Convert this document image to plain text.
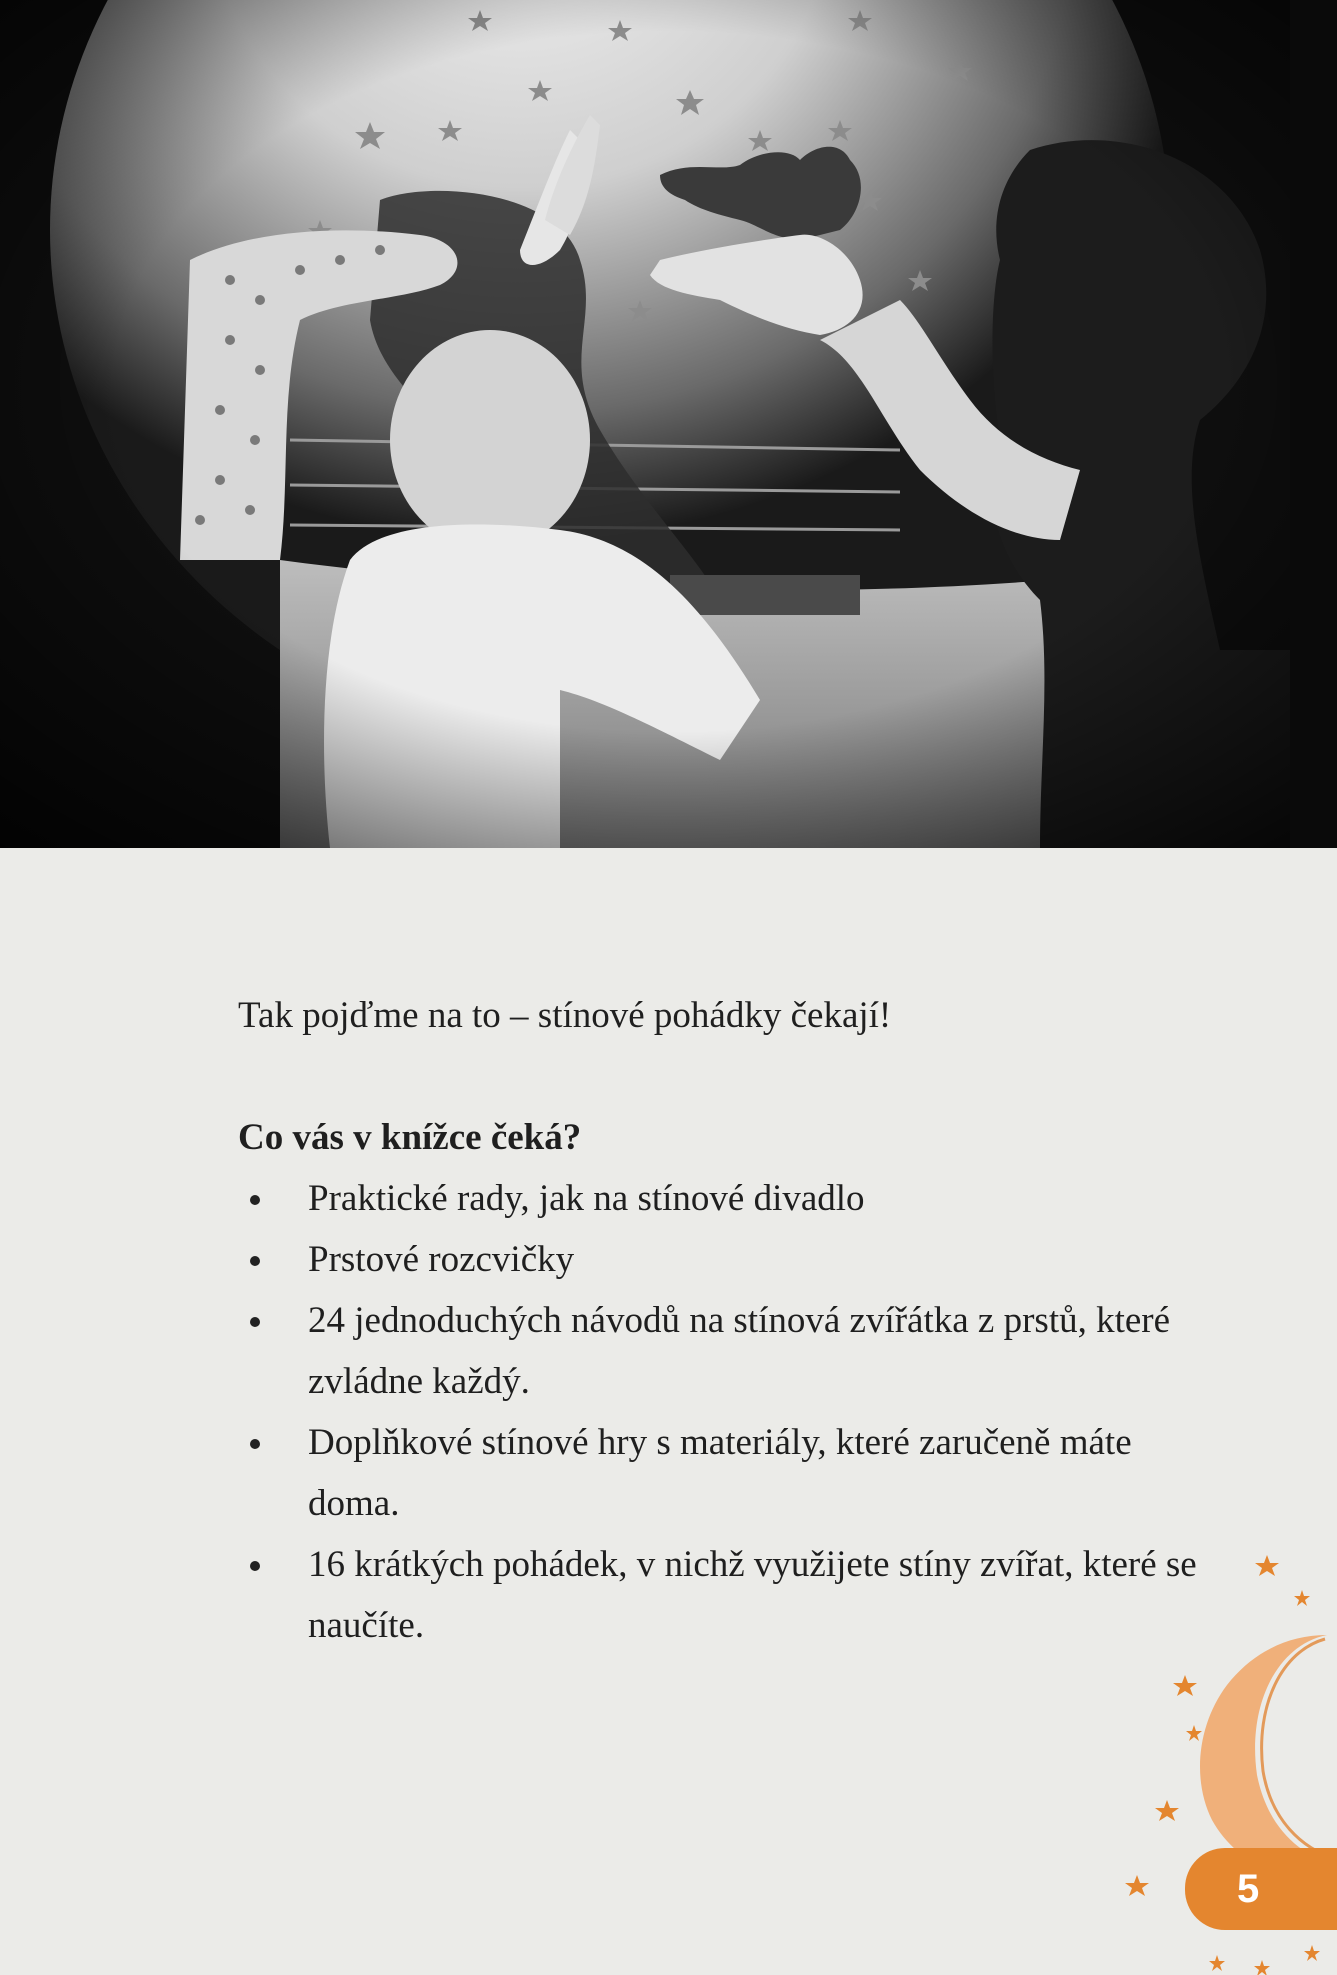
Tak pojďme na to – stínové pohádky čekají!

Co vás v knížce čeká?

Praktické rady, jak na stínové divadlo
Prstové rozcvičky
24 jednoduchých návodů na stínová zvířátka z prstů, které zvládne každý.
Doplňkové stínové hry s materiály, které zaručeně máte doma.
16 krátkých pohádek, v nichž využijete stíny zvířat, které se naučíte.
5
